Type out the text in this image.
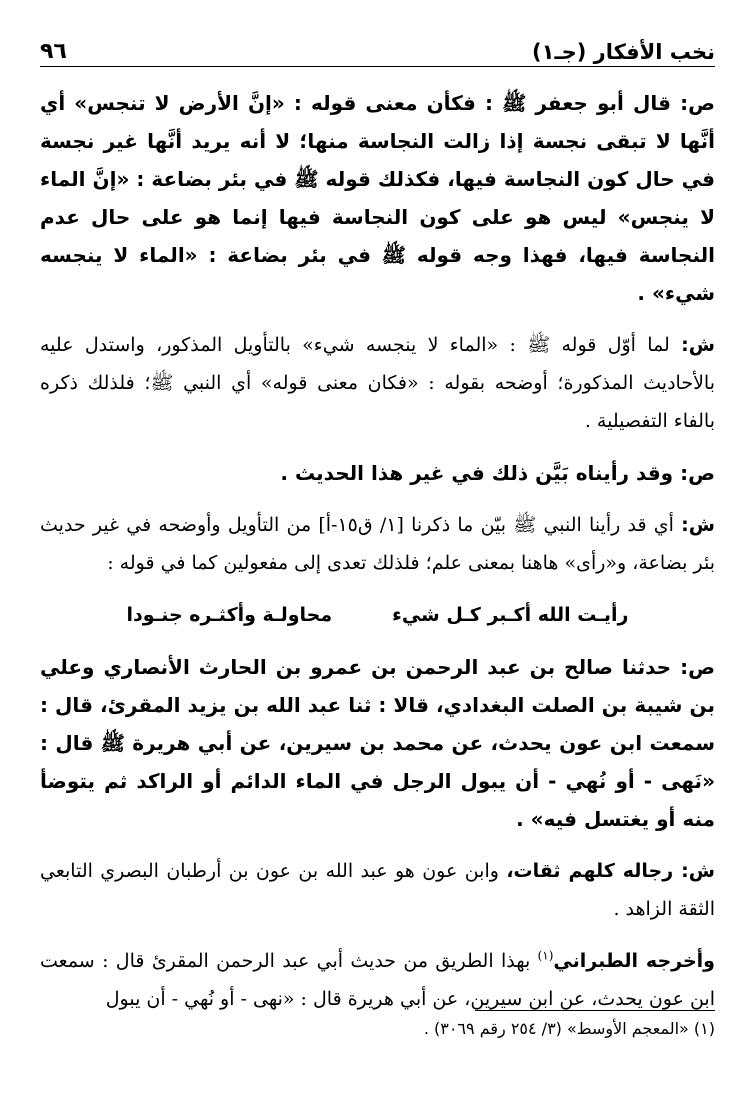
نخب الأفكار (جـ١)
٩٦

ص: قال أبو جعفر ﷺ : فكأن معنى قوله : «إنَّ الأرض لا تنجس» أي أنَّها لا تبقى نجسة إذا زالت النجاسة منها؛ لا أنه يريد أنَّها غير نجسة في حال كون النجاسة فيها، فكذلك قوله ﷺ في بئر بضاعة : «إنَّ الماء لا ينجس» ليس هو على كون النجاسة فيها إنما هو على حال عدم النجاسة فيها، فهذا وجه قوله ﷺ في بئر بضاعة : «الماء لا ينجسه شيء» .

ش: لما أوّل قوله ﷺ : «الماء لا ينجسه شيء» بالتأويل المذكور، واستدل عليه بالأحاديث المذكورة؛ أوضحه بقوله : «فكان معنى قوله» أي النبي ﷺ؛ فلذلك ذكره بالفاء التفصيلية .

ص: وقد رأيناه بَيَّن ذلك في غير هذا الحديث .

ش: أي قد رأينا النبي ﷺ بيّن ما ذكرنا [١/ ق١٥-أ] من التأويل وأوضحه في غير حديث بئر بضاعة، و«رأى» هاهنا بمعنى علم؛ فلذلك تعدى إلى مفعولين كما في قوله :

رأيـت الله أكـبر كـل شيء
محاولـة وأكثـره جنـودا

ص: حدثنا صالح بن عبد الرحمن بن عمرو بن الحارث الأنصاري وعلي بن شيبة بن الصلت البغدادي، قالا : ثنا عبد الله بن يزيد المقرئ، قال : سمعت ابن عون يحدث، عن محمد بن سيرين، عن أبي هريرة ﷺ قال : «نَهى - أو نُهي - أن يبول الرجل في الماء الدائم أو الراكد ثم يتوضأ منه أو يغتسل فيه» .

ش: رجاله كلهم ثقات، وابن عون هو عبد الله بن عون بن أرطبان البصري التابعي الثقة الزاهد .

وأخرجه الطبراني$^{(١)}$ بهذا الطريق من حديث أبي عبد الرحمن المقرئ قال : سمعت ابن عون يحدث، عن ابن سيرين، عن أبي هريرة قال : «نهى - أو نُهي - أن يبول

(١) «المعجم الأوسط» (٣/ ٢٥٤ رقم ٣٠٦٩) .
